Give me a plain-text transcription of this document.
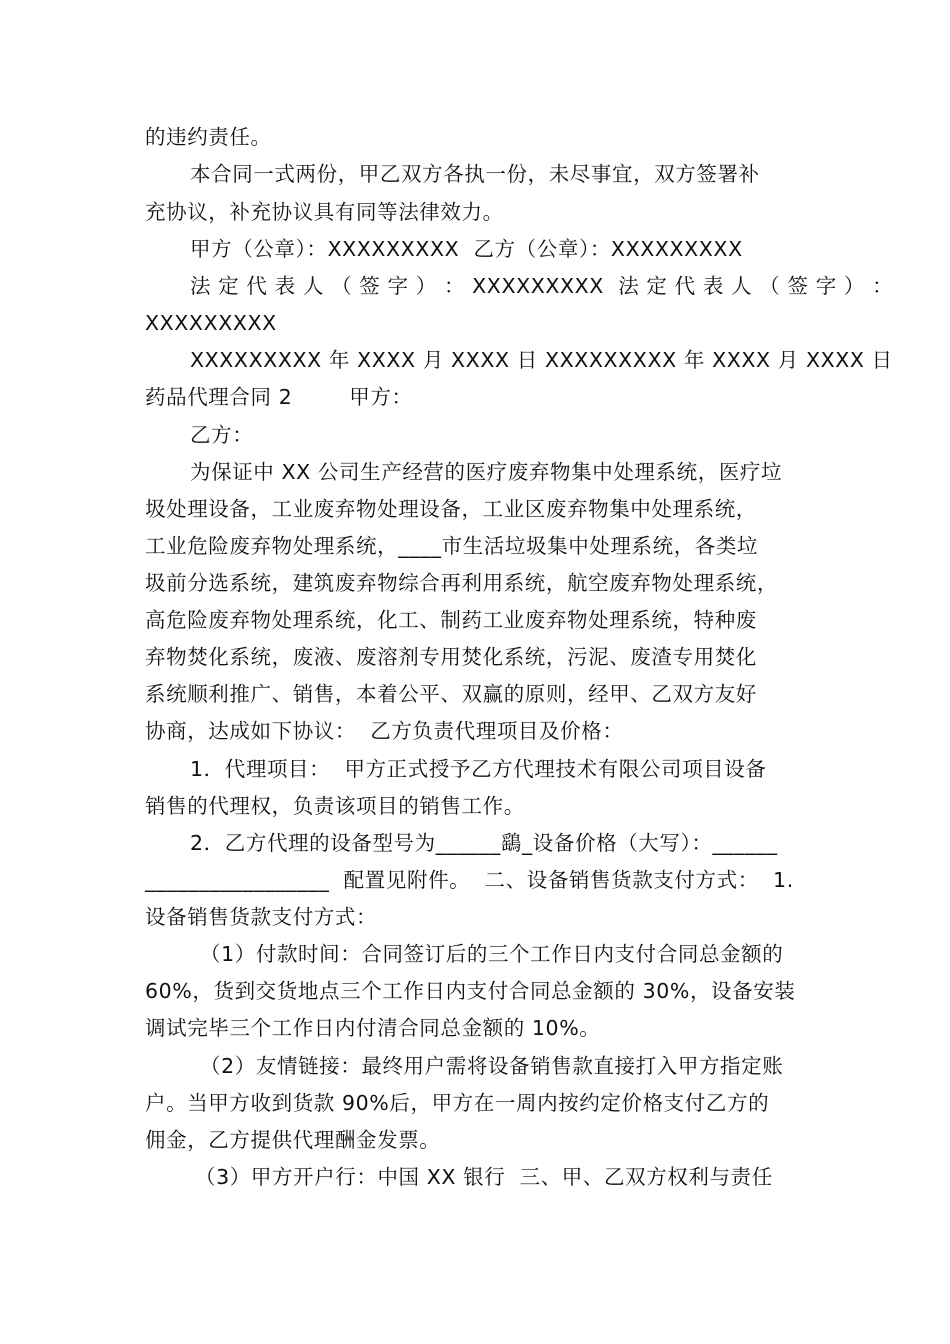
的违约责任。
本合同一式两份，甲乙双方各执一份，未尽事宜，双方签署补
充协议，补充协议具有同等法律效力。
甲方（公章）：XXXXXXXXX  乙方（公章）：XXXXXXXXX
法 定 代 表 人 （ 签 字 ） ： XXXXXXXXX  法 定 代 表 人 （ 签 字 ） ：
XXXXXXXXX
XXXXXXXXX 年 XXXX 月 XXXX 日 XXXXXXXXX 年 XXXX 月 XXXX 日
药品代理合同 2        甲方：
乙方：
为保证中 XX 公司生产经营的医疗废弃物集中处理系统，医疗垃
圾处理设备，工业废弃物处理设备，工业区废弃物集中处理系统，
工业危险废弃物处理系统，____市生活垃圾集中处理系统，各类垃
圾前分选系统，建筑废弃物综合再利用系统，航空废弃物处理系统，
高危险废弃物处理系统，化工、制药工业废弃物处理系统，特种废
弃物焚化系统，废液、废溶剂专用焚化系统，污泥、废渣专用焚化
系统顺利推广、销售，本着公平、双赢的原则，经甲、乙双方友好
协商，达成如下协议：  乙方负责代理项目及价格：
1．代理项目：  甲方正式授予乙方代理技术有限公司项目设备
销售的代理权，负责该项目的销售工作。
2．乙方代理的设备型号为______鷂_设备价格（大写）：______
_________________  配置见附件。  二、设备销售货款支付方式：  1.
设备销售货款支付方式：
（1）付款时间：合同签订后的三个工作日内支付合同总金额的
60%，货到交货地点三个工作日内支付合同总金额的 30%，设备安装
调试完毕三个工作日内付清合同总金额的 10%。
（2）友情链接：最终用户需将设备销售款直接打入甲方指定账
户。当甲方收到货款 90%后，甲方在一周内按约定价格支付乙方的
佣金，乙方提供代理酬金发票。
（3）甲方开户行：中国 XX 银行  三、甲、乙双方权利与责任
